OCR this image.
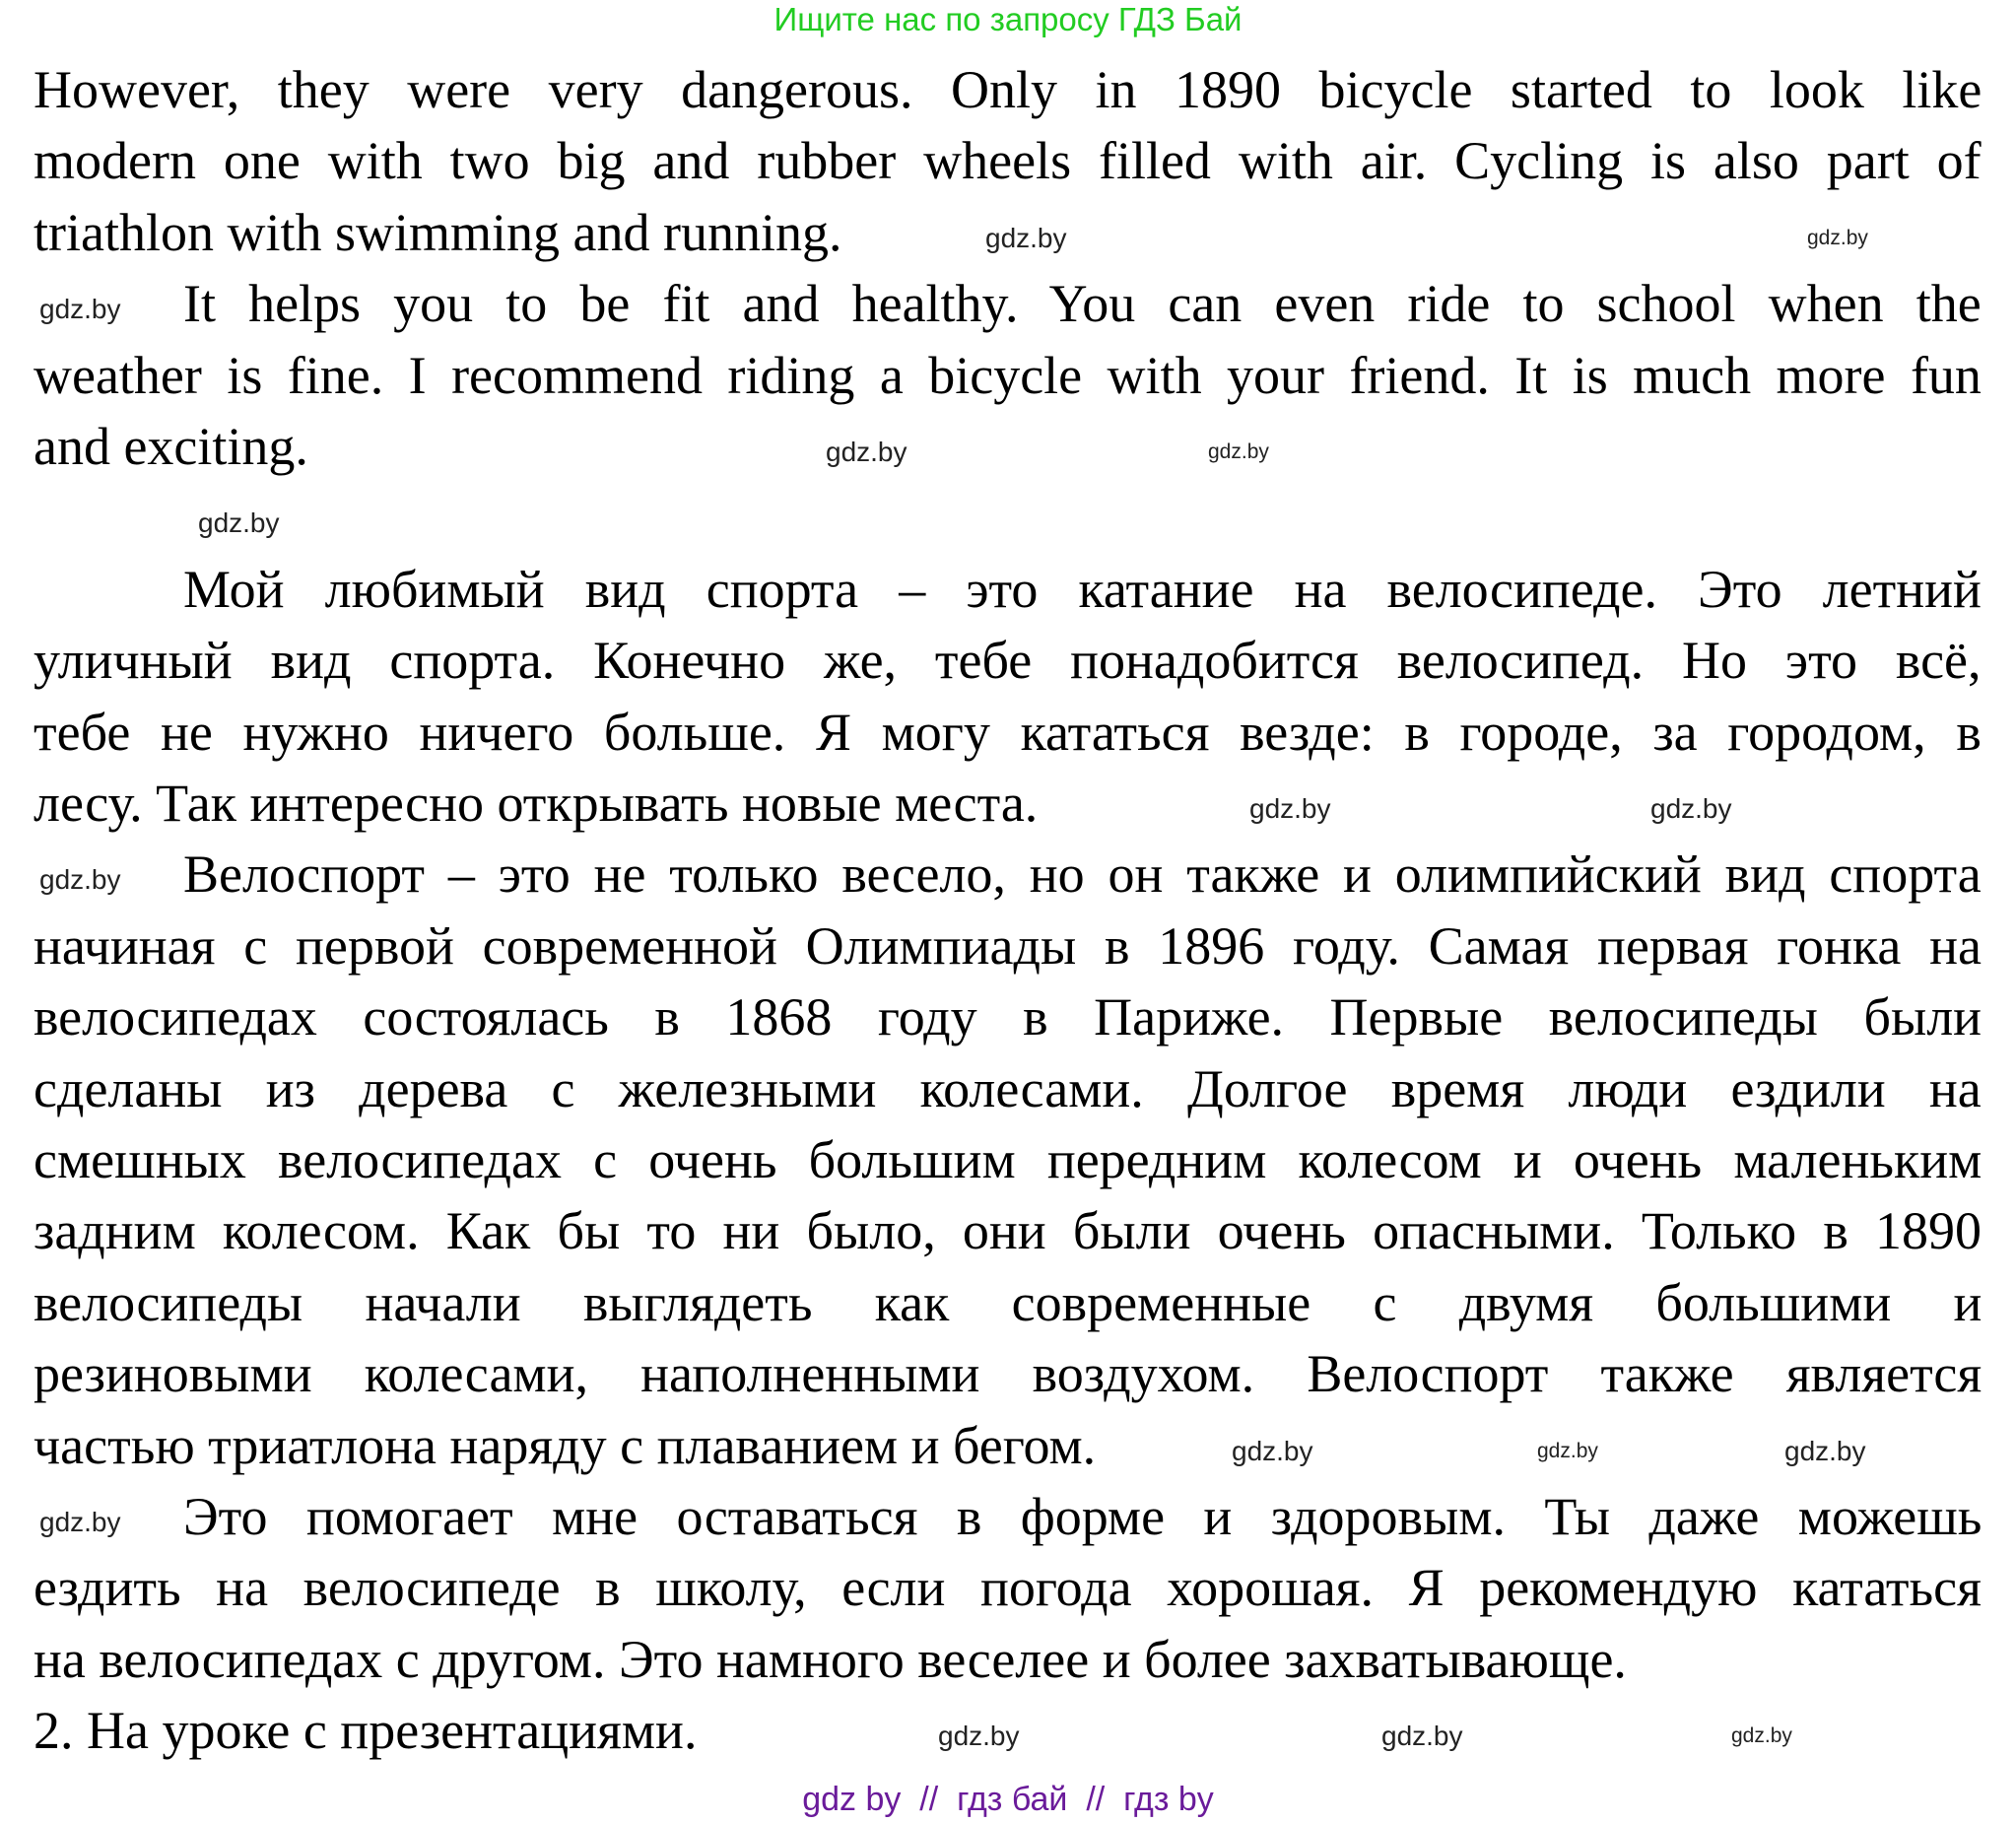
Ищите нас по запросу ГДЗ Бай
However, they were very dangerous. Only in 1890 bicycle started to look like
modern one with two big and rubber wheels filled with air. Cycling is also part of
triathlon with swimming and running.
It helps you to be fit and healthy. You can even ride to school when the
weather is fine. I recommend riding a bicycle with your friend. It is much more fun
and exciting.
Мой любимый вид спорта – это катание на велосипеде. Это летний
уличный вид спорта. Конечно же, тебе понадобится велосипед. Но это всё,
тебе не нужно ничего больше. Я могу кататься везде: в городе, за городом, в
лесу. Так интересно открывать новые места.
Велоспорт – это не только весело, но он также и олимпийский вид спорта
начиная с первой современной Олимпиады в 1896 году. Самая первая гонка на
велосипедах состоялась в 1868 году в Париже. Первые велосипеды были
сделаны из дерева с железными колесами. Долгое время люди ездили на
смешных велосипедах с очень большим передним колесом и очень маленьким
задним колесом. Как бы то ни было, они были очень опасными. Только в 1890
велосипеды начали выглядеть как современные с двумя большими и
резиновыми колесами, наполненными воздухом. Велоспорт также является
частью триатлона наряду с плаванием и бегом.
Это помогает мне оставаться в форме и здоровым. Ты даже можешь
ездить на велосипеде в школу, если погода хорошая. Я рекомендую кататься
на велосипедах с другом. Это намного веселее и более захватывающе.
2. На уроке с презентациями.
gdz.by
gdz.by
gdz.by
gdz.by
gdz.by
gdz.by
gdz.by
gdz.by
gdz.by
gdz.by	gdz.by	gdz.by
gdz.by
gdz.by	gdz.by	gdz.by
gdz by  //  гдз бай  //  гдз by
